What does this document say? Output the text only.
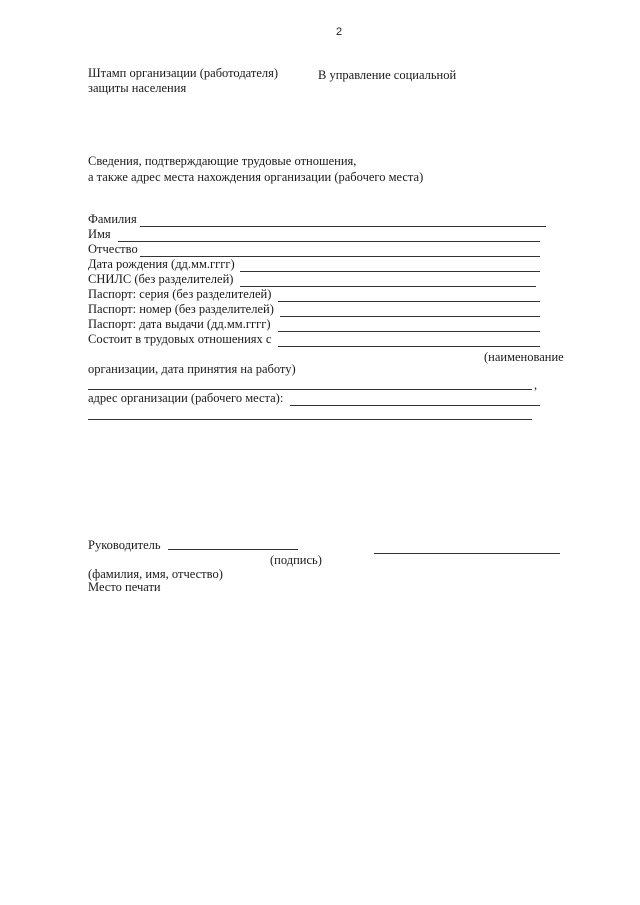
2
Штамп организации (работодателя)	В управление социальной
защиты населения
Сведения, подтверждающие трудовые отношения,
а также адрес места нахождения организации (рабочего места)
Фамилия
Имя
Отчество
Дата рождения (дд.мм.гггг)
СНИЛС (без разделителей)
Паспорт: серия (без разделителей)
Паспорт: номер (без разделителей)
Паспорт: дата выдачи (дд.мм.гггг)
Состоит в трудовых отношениях с
(наименование
организации, дата принятия на работу)
,
адрес организации (рабочего места):
Руководитель
(подпись)
(фамилия, имя, отчество)
Место печати
